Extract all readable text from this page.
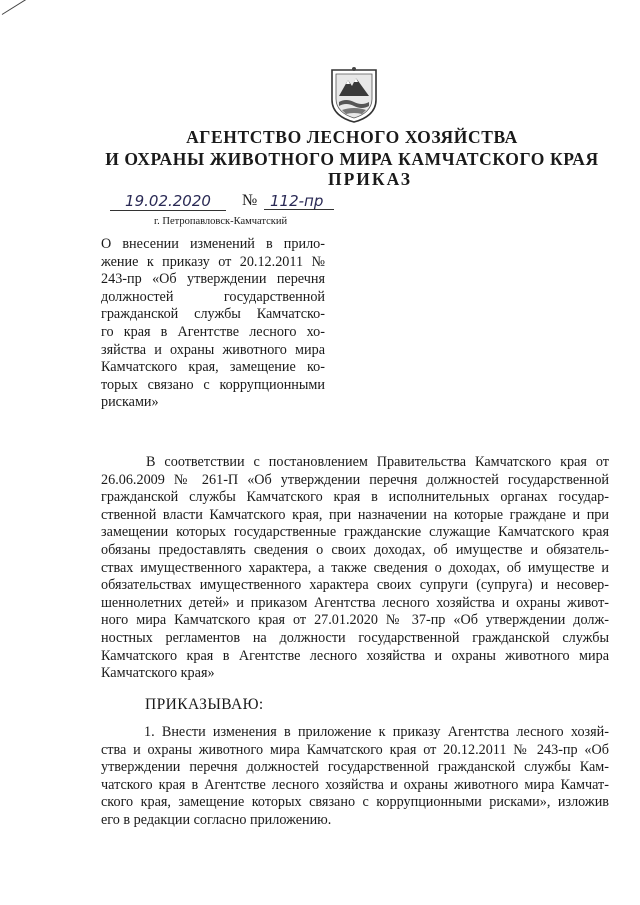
АГЕНТСТВО ЛЕСНОГО ХОЗЯЙСТВА
И ОХРАНЫ ЖИВОТНОГО МИРА КАМЧАТСКОГО КРАЯ
ПРИКАЗ
19.02.2020	№ 112-пр
г. Петропавловск-Камчатский
О внесении изменений в прило-
жение к приказу от 20.12.2011 №
243-пр «Об утверждении перечня
должностей государственной
гражданской службы Камчатско-
го края в Агентстве лесного хо-
зяйства и охраны животного мира
Камчатского края, замещение ко-
торых связано с коррупционными
рисками»
В соответствии с постановлением Правительства Камчатского края от
26.06.2009 № 261-П «Об утверждении перечня должностей государственной
гражданской службы Камчатского края в исполнительных органах государ-
ственной власти Камчатского края, при назначении на которые граждане и при
замещении которых государственные гражданские служащие Камчатского края
обязаны предоставлять сведения о своих доходах, об имуществе и обязатель-
ствах имущественного характера, а также сведения о доходах, об имуществе и
обязательствах имущественного характера своих супруги (супруга) и несовер-
шеннолетних детей» и приказом Агентства лесного хозяйства и охраны живот-
ного мира Камчатского края от 27.01.2020 № 37-пр «Об утверждении долж-
ностных регламентов на должности государственной гражданской службы
Камчатского края в Агентстве лесного хозяйства и охраны животного мира
Камчатского края»
ПРИКАЗЫВАЮ:
1. Внести изменения в приложение к приказу Агентства лесного хозяй-
ства и охраны животного мира Камчатского края от 20.12.2011 № 243-пр «Об
утверждении перечня должностей государственной гражданской службы Кам-
чатского края в Агентстве лесного хозяйства и охраны животного мира Камчат-
ского края, замещение которых связано с коррупционными рисками», изложив
его в редакции согласно приложению.
